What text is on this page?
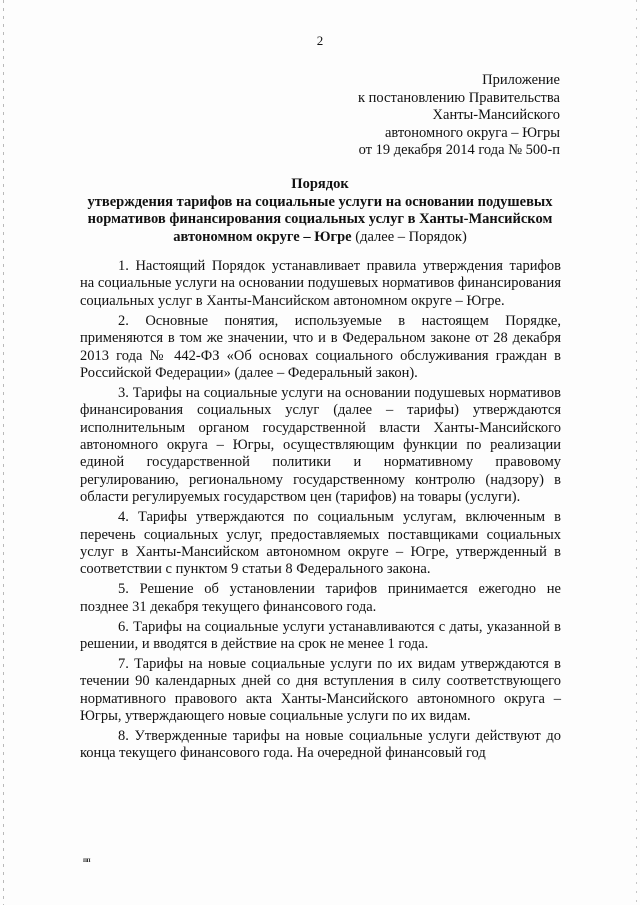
2
Приложение
к постановлению Правительства
Ханты-Мансийского
автономного округа – Югры
от 19 декабря 2014 года № 500-п
Порядок
утверждения тарифов на социальные услуги на основании подушевых нормативов финансирования социальных услуг в Ханты-Мансийском автономном округе – Югре (далее – Порядок)

1. Настоящий Порядок устанавливает правила утверждения тарифов на социальные услуги на основании подушевых нормативов финансирования социальных услуг в Ханты-Мансийском автономном округе – Югре.

2. Основные понятия, используемые в настоящем Порядке, применяются в том же значении, что и в Федеральном законе от 28 декабря 2013 года № 442-ФЗ «Об основах социального обслуживания граждан в Российской Федерации» (далее – Федеральный закон).

3. Тарифы на социальные услуги на основании подушевых нормативов финансирования социальных услуг (далее – тарифы) утверждаются исполнительным органом государственной власти Ханты-Мансийского автономного округа – Югры, осуществляющим функции по реализации единой государственной политики и нормативному правовому регулированию, региональному государственному контролю (надзору) в области регулируемых государством цен (тарифов) на товары (услуги).

4. Тарифы утверждаются по социальным услугам, включенным в перечень социальных услуг, предоставляемых поставщиками социальных услуг в Ханты-Мансийском автономном округе – Югре, утвержденный в соответствии с пунктом 9 статьи 8 Федерального закона.

5. Решение об установлении тарифов принимается ежегодно не позднее 31 декабря текущего финансового года.

6. Тарифы на социальные услуги устанавливаются с даты, указанной в решении, и вводятся в действие на срок не менее 1 года.

7. Тарифы на новые социальные услуги по их видам утверждаются в течении 90 календарных дней со дня вступления в силу соответствующего нормативного правового акта Ханты-Мансийского автономного округа – Югры, утверждающего новые социальные услуги по их видам.

8. Утвержденные тарифы на новые социальные услуги действуют до конца текущего финансового года. На очередной финансовый год

пп
